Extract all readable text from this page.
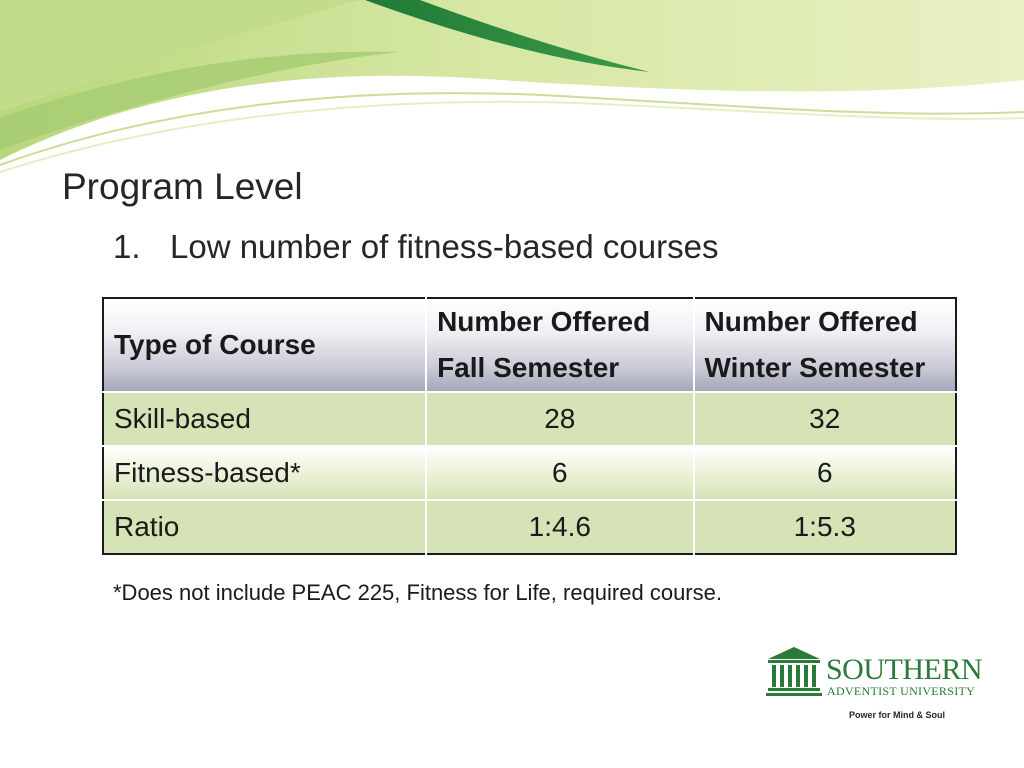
Program Level
1. Low number of fitness-based courses
Type of Course	Number Offered Fall Semester	Number Offered Winter Semester
Skill-based	28	32
Fitness-based*	6	6
Ratio	1:4.6	1:5.3
*Does not include PEAC 225, Fitness for Life, required course.
SOUTHERN
ADVENTIST UNIVERSITY
Power for Mind & Soul
